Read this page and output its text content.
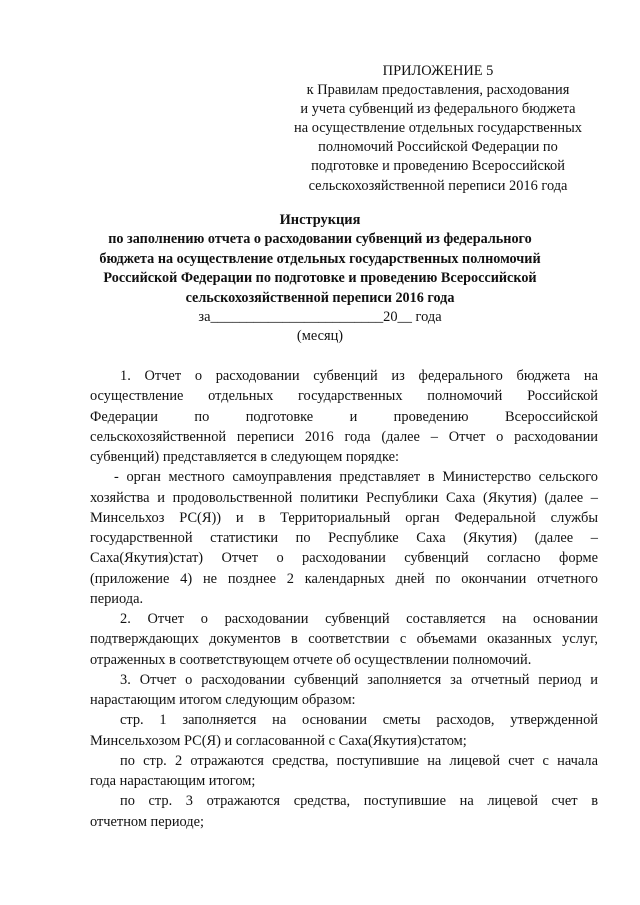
ПРИЛОЖЕНИЕ 5
к Правилам предоставления, расходования
и учета субвенций из федерального бюджета
на осуществление отдельных государственных
полномочий Российской Федерации по
подготовке и проведению Всероссийской
сельскохозяйственной переписи 2016 года
Инструкция
по заполнению отчета о расходовании субвенций из федерального
бюджета на осуществление отдельных государственных полномочий
Российской Федерации по подготовке и проведению Всероссийской
сельскохозяйственной переписи 2016 года
за________________________20__ года
(месяц)

1. Отчет о расходовании субвенций из федерального бюджета на
осуществление отдельных государственных полномочий Российской
Федерации по подготовке и проведению Всероссийской
сельскохозяйственной переписи 2016 года (далее – Отчет о расходовании
субвенций) представляется в следующем порядке:

- орган местного самоуправления представляет в Министерство сельского
хозяйства и продовольственной политики Республики Саха (Якутия) (далее –
Минсельхоз РС(Я)) и в Территориальный орган Федеральной службы
государственной статистики по Республике Саха (Якутия) (далее –
Саха(Якутия)стат) Отчет о расходовании субвенций согласно форме
(приложение 4) не позднее 2 календарных дней по окончании отчетного
периода.

2. Отчет о расходовании субвенций составляется на основании
подтверждающих документов в соответствии с объемами оказанных услуг,
отраженных в соответствующем отчете об осуществлении полномочий.

3. Отчет о расходовании субвенций заполняется за отчетный период и
нарастающим итогом следующим образом:

стр. 1 заполняется на основании сметы расходов, утвержденной
Минсельхозом РС(Я) и согласованной с Саха(Якутия)статом;

по стр. 2 отражаются средства, поступившие на лицевой счет с начала
года нарастающим итогом;

по стр. 3 отражаются средства, поступившие на лицевой счет в
отчетном периоде;
